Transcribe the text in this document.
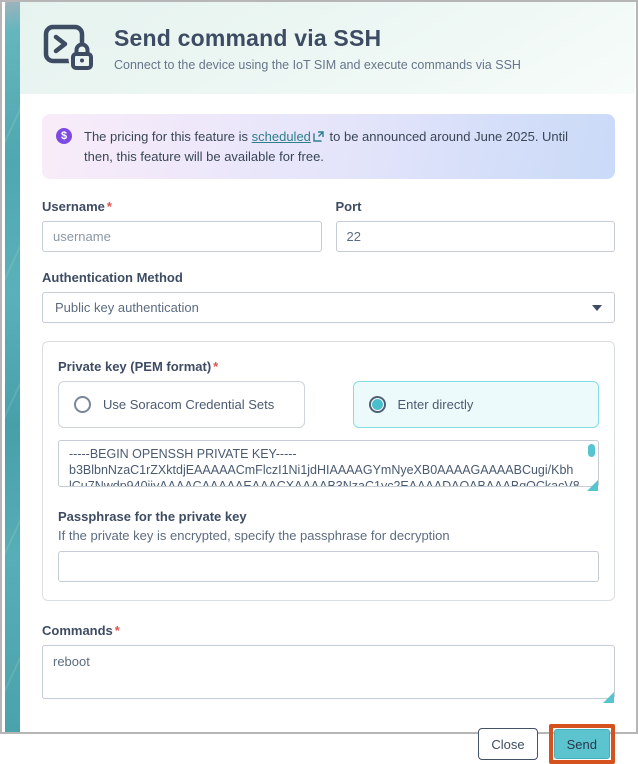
Send command via SSH
Connect to the device using the IoT SIM and execute commands via SSH
$	The pricing for this feature is scheduled to be announced around June 2025. Until then, this feature will be available for free.
Username *
username	Port
22
Authentication Method
Public key authentication
Private key (PEM format) *
Use Soracom Credential Sets	Enter directly
-----BEGIN OPENSSH PRIVATE KEY----- b3BlbnNzaC1rZXktdjEAAAAACmFlczI1Ni1jdHIAAAAGYmNyeXB0AAAAGAAAABCugi/Kbh lCu7Nwdp940jiyAAAACAAAAAEAAACXAAAAB3NzaC1yc2EAAAADAQABAAABgQCkacV8doTD
Passphrase for the private key
If the private key is encrypted, specify the passphrase for decryption
Commands *
reboot
Close	Send
